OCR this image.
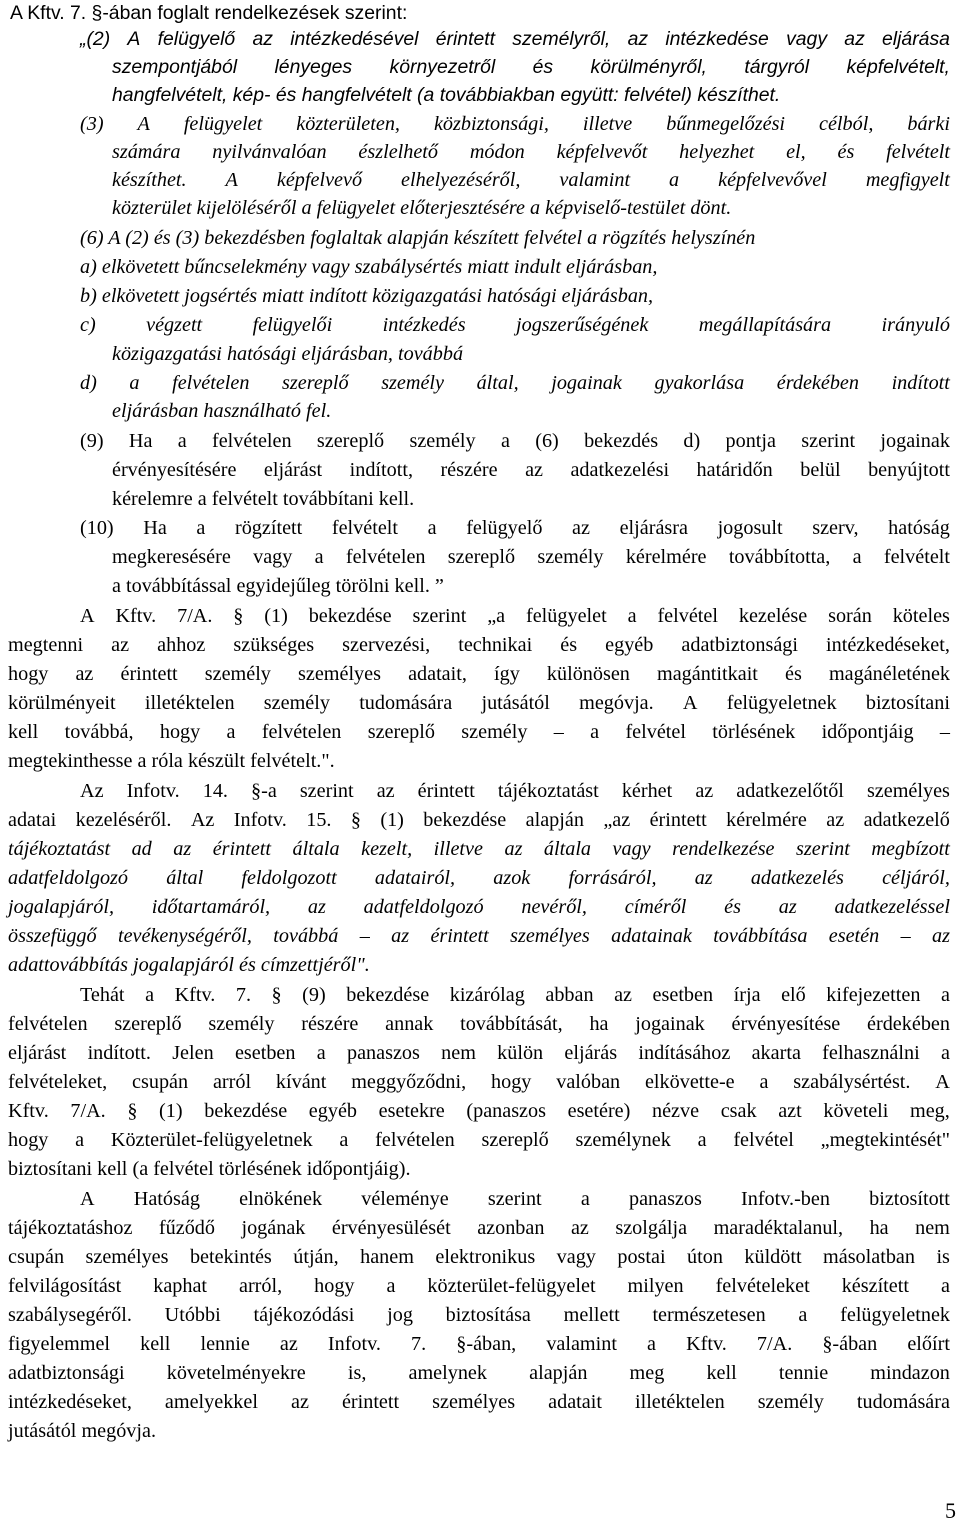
A Kftv. 7. §-ában foglalt rendelkezések szerint:
„(2) A felügyelő az intézkedésével érintett személyről, az intézkedése vagy az eljárása
szempontjából lényeges környezetről és körülményről, tárgyról képfelvételt,
hangfelvételt, kép- és hangfelvételt (a továbbiakban együtt: felvétel) készíthet.
(3) A felügyelet közterületen, közbiztonsági, illetve bűnmegelőzési célból, bárki
számára nyilvánvalóan észlelhető módon képfelvevőt helyezhet el, és felvételt
készíthet. A képfelvevő elhelyezéséről, valamint a képfelvevővel megfigyelt
közterület kijelöléséről a felügyelet előterjesztésére a képviselő-testület dönt.
(6) A (2) és (3) bekezdésben foglaltak alapján készített felvétel a rögzítés helyszínén
a) elkövetett bűncselekmény vagy szabálysértés miatt indult eljárásban,
b) elkövetett jogsértés miatt indított közigazgatási hatósági eljárásban,
c) végzett felügyelői intézkedés jogszerűségének megállapítására irányuló
közigazgatási hatósági eljárásban, továbbá
d) a felvételen szereplő személy által, jogainak gyakorlása érdekében indított
eljárásban használható fel.
(9) Ha a felvételen szereplő személy a (6) bekezdés d) pontja szerint jogainak
érvényesítésére eljárást indított, részére az adatkezelési határidőn belül benyújtott
kérelemre a felvételt továbbítani kell.
(10) Ha a rögzített felvételt a felügyelő az eljárásra jogosult szerv, hatóság
megkeresésére vagy a felvételen szereplő személy kérelmére továbbította, a felvételt
a továbbítással egyidejűleg törölni kell. ”
A Kftv. 7/A. § (1) bekezdése szerint „a felügyelet a felvétel kezelése során köteles
megtenni az ahhoz szükséges szervezési, technikai és egyéb adatbiztonsági intézkedéseket,
hogy az érintett személy személyes adatait, így különösen magántitkait és magánéletének
körülményeit illetéktelen személy tudomására jutásától megóvja. A felügyeletnek biztosítani
kell továbbá, hogy a felvételen szereplő személy – a felvétel törlésének időpontjáig –
megtekinthesse a róla készült felvételt.".
Az Infotv. 14. §-a szerint az érintett tájékoztatást kérhet az adatkezelőtől személyes
adatai kezeléséről. Az Infotv. 15. § (1) bekezdése alapján „az érintett kérelmére az adatkezelő
tájékoztatást ad az érintett általa kezelt, illetve az általa vagy rendelkezése szerint megbízott
adatfeldolgozó által feldolgozott adatairól, azok forrásáról, az adatkezelés céljáról,
jogalapjáról, időtartamáról, az adatfeldolgozó nevéről, címéről és az adatkezeléssel
összefüggő tevékenységéről, továbbá – az érintett személyes adatainak továbbítása esetén – az
adattovábbítás jogalapjáról és címzettjéről".
Tehát a Kftv. 7. § (9) bekezdése kizárólag abban az esetben írja elő kifejezetten a
felvételen szereplő személy részére annak továbbítását, ha jogainak érvényesítése érdekében
eljárást indított. Jelen esetben a panaszos nem külön eljárás indításához akarta felhasználni a
felvételeket, csupán arról kívánt meggyőződni, hogy valóban elkövette-e a szabálysértést. A
Kftv. 7/A. § (1) bekezdése egyéb esetekre (panaszos esetére) nézve csak azt követeli meg,
hogy a Közterület-felügyeletnek a felvételen szereplő személynek a felvétel „megtekintését"
biztosítani kell (a felvétel törlésének időpontjáig).
A Hatóság elnökének véleménye szerint a panaszos Infotv.-ben biztosított
tájékoztatáshoz fűződő jogának érvényesülését azonban az szolgálja maradéktalanul, ha nem
csupán személyes betekintés útján, hanem elektronikus vagy postai úton küldött másolatban is
felvilágosítást kaphat arról, hogy a közterület-felügyelet milyen felvételeket készített a
szabálysegéről. Utóbbi tájékozódási jog biztosítása mellett természetesen a felügyeletnek
figyelemmel kell lennie az Infotv. 7. §-ában, valamint a Kftv. 7/A. §-ában előírt
adatbiztonsági követelményekre is, amelynek alapján meg kell tennie mindazon
intézkedéseket, amelyekkel az érintett személyes adatait illetéktelen személy tudomására
jutásától megóvja.
5
